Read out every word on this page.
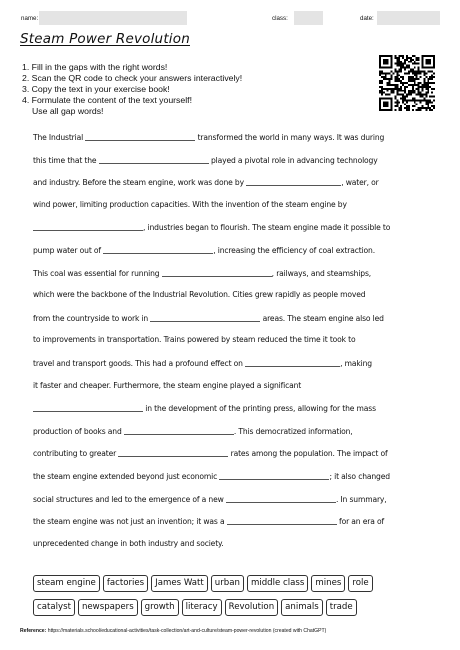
name:	class:	date:
Steam Power Revolution
1. Fill in the gaps with the right words!
2. Scan the QR code to check your answers interactively!
3. Copy the text in your exercise book!
4. Formulate the content of the text yourself!
Use all gap words!
The Industrial	transformed the world in many ways. It was during
this time that the	played a pivotal role in advancing technology
and industry. Before the steam engine, work was done by	, water, or
wind power, limiting production capacities. With the invention of the steam engine by
, industries began to flourish. The steam engine made it possible to
pump water out of	, increasing the efficiency of coal extraction.
This coal was essential for running	, railways, and steamships,
which were the backbone of the Industrial Revolution. Cities grew rapidly as people moved
from the countryside to work in	areas. The steam engine also led
to improvements in transportation. Trains powered by steam reduced the time it took to
travel and transport goods. This had a profound effect on	, making
it faster and cheaper. Furthermore, the steam engine played a significant
in the development of the printing press, allowing for the mass
production of books and	. This democratized information,
contributing to greater	rates among the population. The impact of
the steam engine extended beyond just economic	; it also changed
social structures and led to the emergence of a new	. In summary,
the steam engine was not just an invention; it was a	for an era of
unprecedented change in both industry and society.
steam engine factories James Watt urban middle class mines role
catalyst newspapers growth literacy Revolution animals trade
Reference: https://materials.school/educational-activities/task-collection/art-and-culture/steam-power-revolution (created with ChatGPT)
